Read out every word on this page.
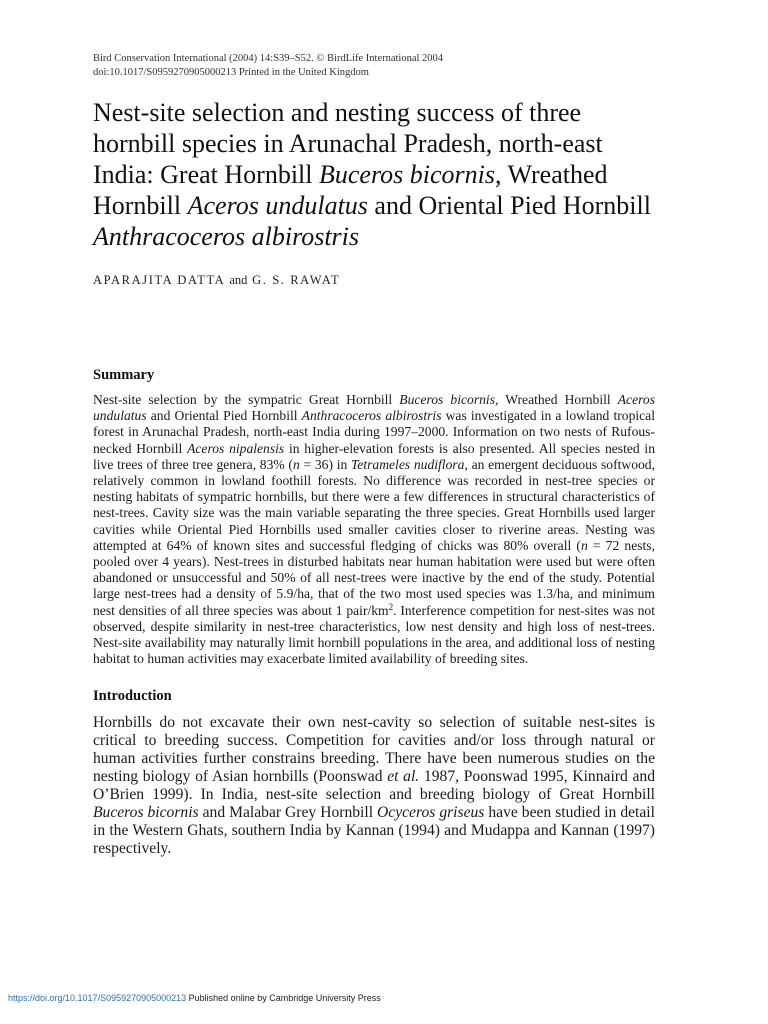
Bird Conservation International (2004) 14:S39–S52. © BirdLife International 2004
doi:10.1017/S0959270905000213 Printed in the United Kingdom
Nest-site selection and nesting success of three hornbill species in Arunachal Pradesh, north-east India: Great Hornbill Buceros bicornis, Wreathed Hornbill Aceros undulatus and Oriental Pied Hornbill Anthracoceros albirostris
APARAJITA DATTA and G. S. RAWAT
Summary

Nest-site selection by the sympatric Great Hornbill Buceros bicornis, Wreathed Hornbill Aceros undulatus and Oriental Pied Hornbill Anthracoceros albirostris was investigated in a lowland tropical forest in Arunachal Pradesh, north-east India during 1997–2000. Information on two nests of Rufous-necked Hornbill Aceros nipalensis in higher-elevation forests is also presented. All species nested in live trees of three tree genera, 83% (n = 36) in Tetrameles nudiflora, an emergent deciduous softwood, relatively common in lowland foothill forests. No difference was recorded in nest-tree species or nesting habitats of sympatric hornbills, but there were a few differences in structural characteristics of nest-trees. Cavity size was the main variable separating the three species. Great Hornbills used larger cavities while Oriental Pied Hornbills used smaller cavities closer to riverine areas. Nesting was attempted at 64% of known sites and successful fledging of chicks was 80% overall (n = 72 nests, pooled over 4 years). Nest-trees in disturbed habitats near human habitation were used but were often abandoned or unsuccessful and 50% of all nest-trees were inactive by the end of the study. Potential large nest-trees had a density of 5.9/ha, that of the two most used species was 1.3/ha, and minimum nest densities of all three species was about 1 pair/$km^2$. Interference competition for nest-sites was not observed, despite similarity in nest-tree characteristics, low nest density and high loss of nest-trees. Nest-site availability may naturally limit hornbill populations in the area, and additional loss of nesting habitat to human activities may exacerbate limited availability of breeding sites.

Introduction

Hornbills do not excavate their own nest-cavity so selection of suitable nest-sites is critical to breeding success. Competition for cavities and/or loss through natural or human activities further constrains breeding. There have been numerous studies on the nesting biology of Asian hornbills (Poonswad et al. 1987, Poonswad 1995, Kinnaird and O’Brien 1999). In India, nest-site selection and breeding biology of Great Hornbill Buceros bicornis and Malabar Grey Hornbill Ocyceros griseus have been studied in detail in the Western Ghats, southern India by Kannan (1994) and Mudappa and Kannan (1997) respectively.

https://doi.org/10.1017/S0959270905000213 Published online by Cambridge University Press
